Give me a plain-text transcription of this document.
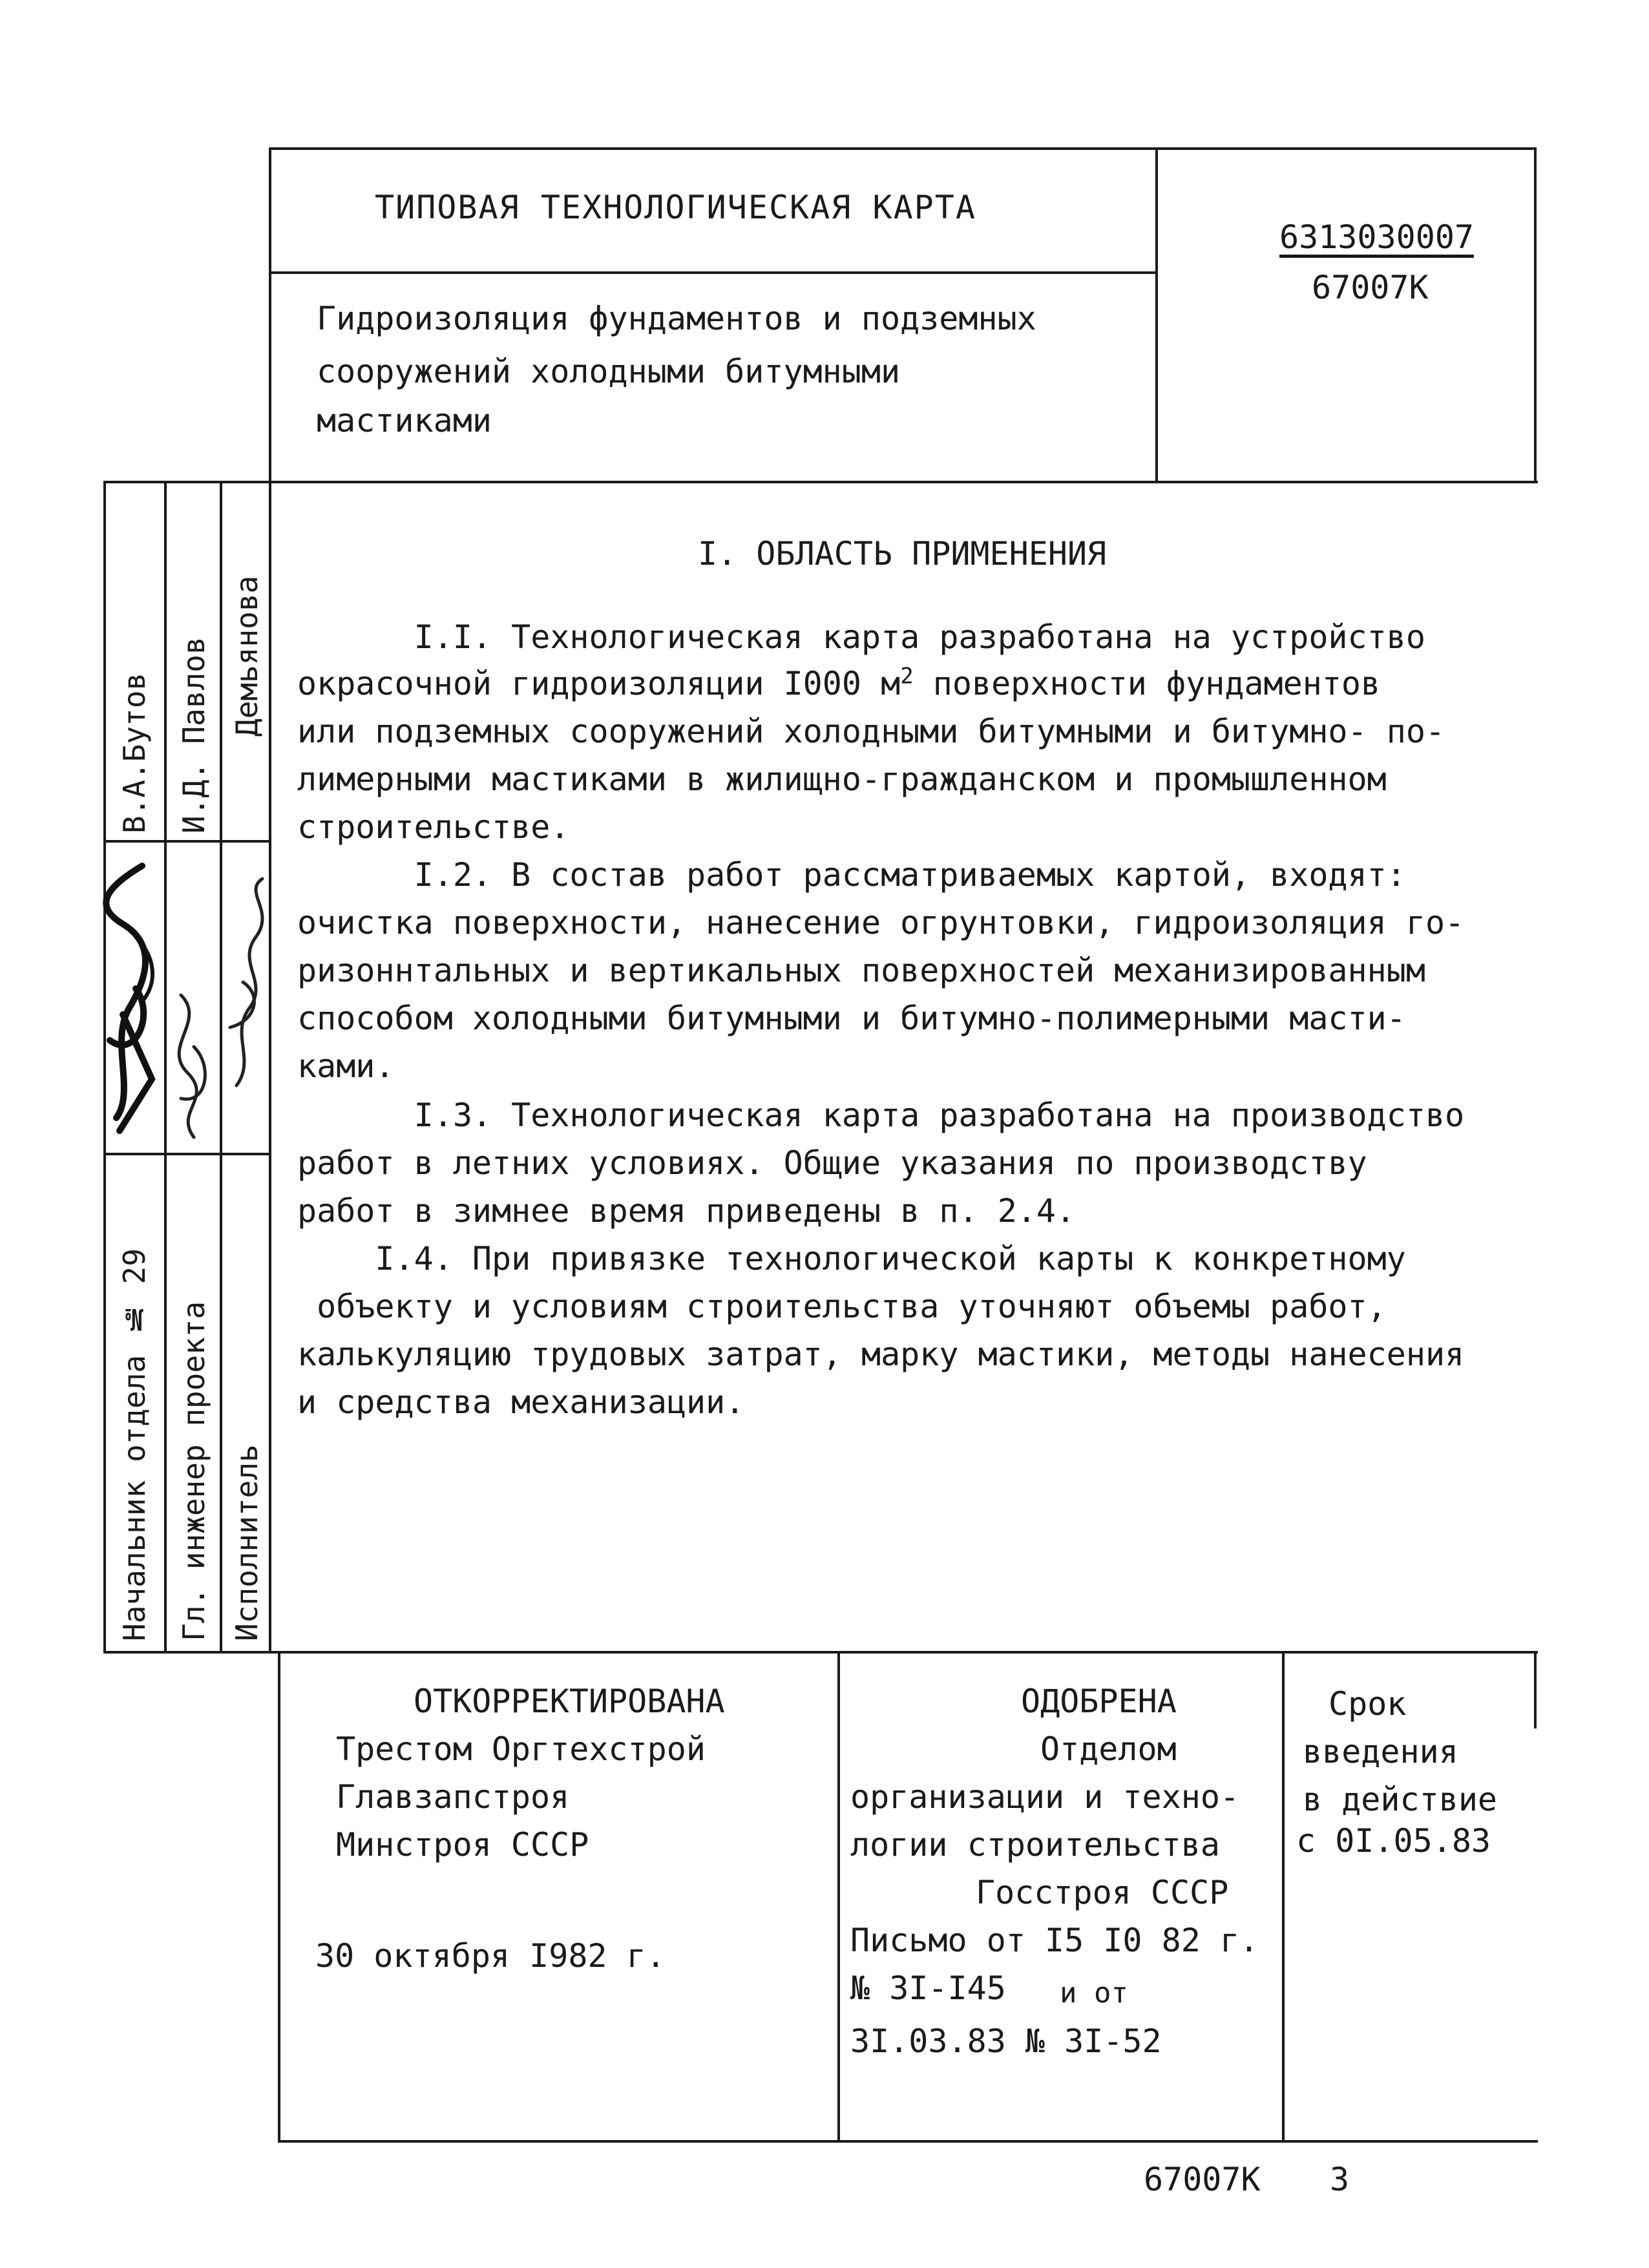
ТИПОВАЯ ТЕХНОЛОГИЧЕСКАЯ КАРТА
6313030007
67007К
Гидроизоляция фундаментов и подземных
сооружений холодными битумными
мастиками
Начальник отдела № 29 Гл. инженер проекта Исполнитель
В.А.Бутов И.Д. Павлов Демьянова
I. ОБЛАСТЬ ПРИМЕНЕНИЯ
I.I. Технологическая карта разработана на устройство
окрасочной гидроизоляции I000 $м^2$ поверхности фундаментов
или подземных сооружений холодными битумными и битумно- по-
лимерными мастиками в жилищно-гражданском и промышленном
строительстве.
I.2. В состав работ рассматриваемых картой, входят:
очистка поверхности, нанесение огрунтовки, гидроизоляция го-
ризоннтальных и вертикальных поверхностей механизированным
способом холодными битумными и битумно-полимерными масти-
ками.
I.3. Технологическая карта разработана на производство
работ в летних условиях. Общие указания по производству
работ в зимнее время приведены в п. 2.4.
I.4. При привязке технологической карты к конкретному
объекту и условиям строительства уточняют объемы работ,
калькуляцию трудовых затрат, марку мастики, методы нанесения
и средства механизации.
ОТКОРРЕКТИРОВАНА
Трестом Оргтехстрой
Главзапстроя
Минстроя СССР
30 октября I982 г.
ОДОБРЕНА
Отделом
организации и техно-
логии строительства
Госстроя СССР
Письмо от I5 I0 82 г.
№ 3I-I45 и от
3I.03.83 № 3I-52
Срок
введения
в действие
с 0I.05.83
67007К 3
